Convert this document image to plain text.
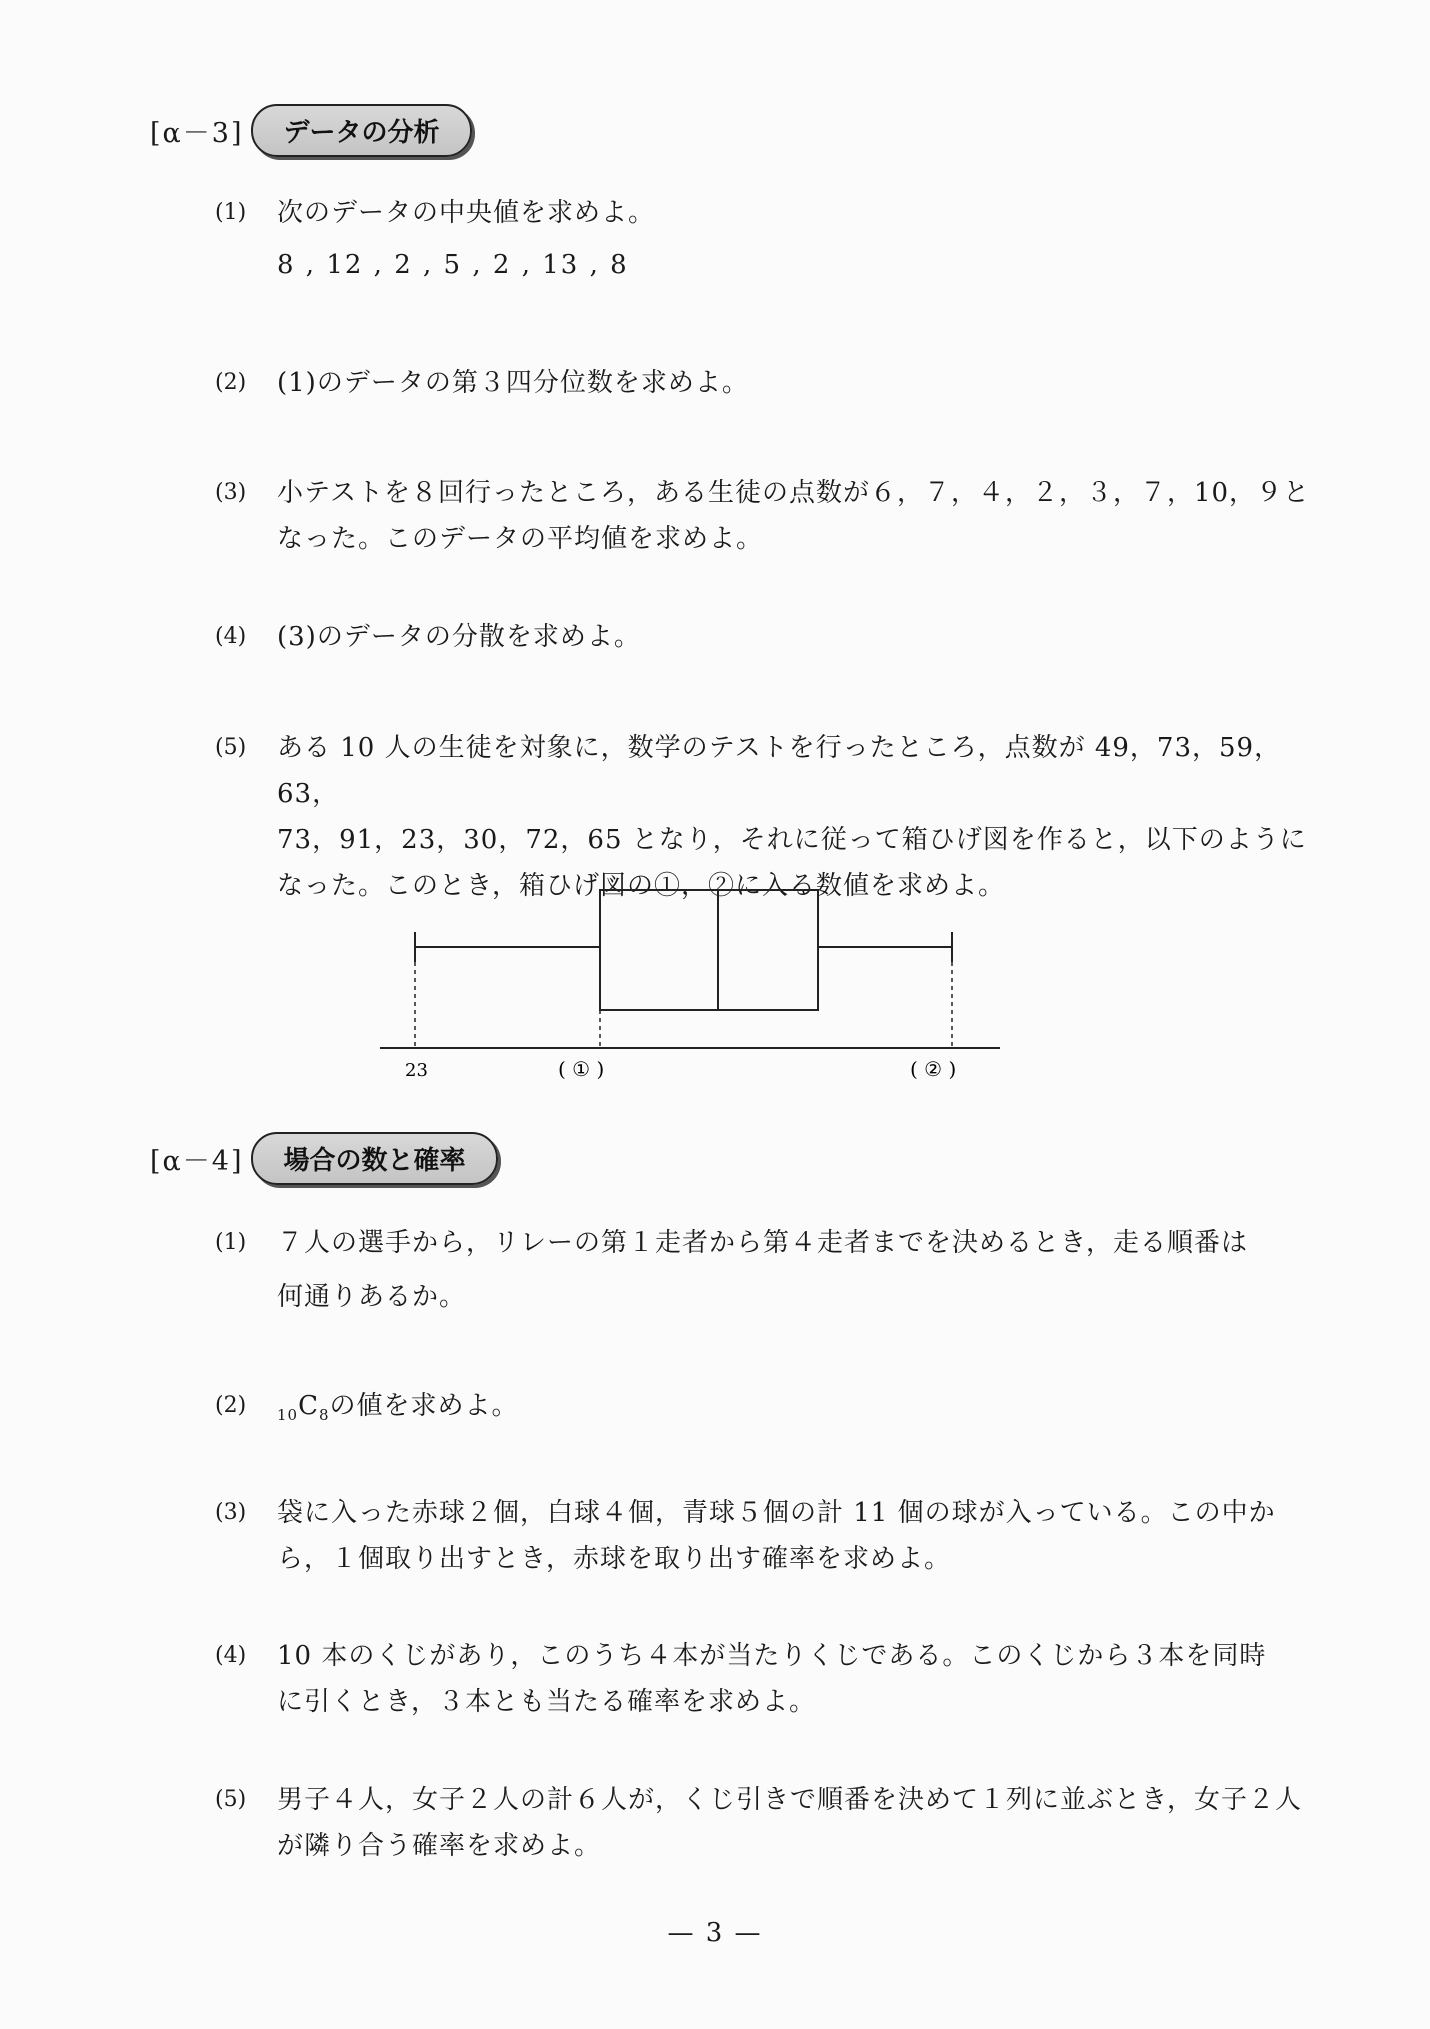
[α－3]	データの分析
(1) 次のデータの中央値を求めよ。
8 , 12 , 2 , 5 , 2 , 13 , 8
(2) (1)のデータの第３四分位数を求めよ。
(3) 小テストを８回行ったところ，ある生徒の点数が６，７，４，２，３，７，10，９と
なった。このデータの平均値を求めよ。
(4) (3)のデータの分散を求めよ。
(5) ある 10 人の生徒を対象に，数学のテストを行ったところ，点数が 49，73，59，63，
73，91，23，30，72，65 となり，それに従って箱ひげ図を作ると，以下のように
なった。このとき，箱ひげ図の①，②に入る数値を求めよ。
23	( ① )	( ② )
[α－4]	場合の数と確率
(1) ７人の選手から，リレーの第１走者から第４走者までを決めるとき，走る順番は
何通りあるか。
(2) $_{10}C_8$の値を求めよ。
(3) 袋に入った赤球２個，白球４個，青球５個の計 11 個の球が入っている。この中か
ら，１個取り出すとき，赤球を取り出す確率を求めよ。
(4) 10 本のくじがあり，このうち４本が当たりくじである。このくじから３本を同時
に引くとき，３本とも当たる確率を求めよ。
(5) 男子４人，女子２人の計６人が，くじ引きで順番を決めて１列に並ぶとき，女子２人
が隣り合う確率を求めよ。
— 3 —
